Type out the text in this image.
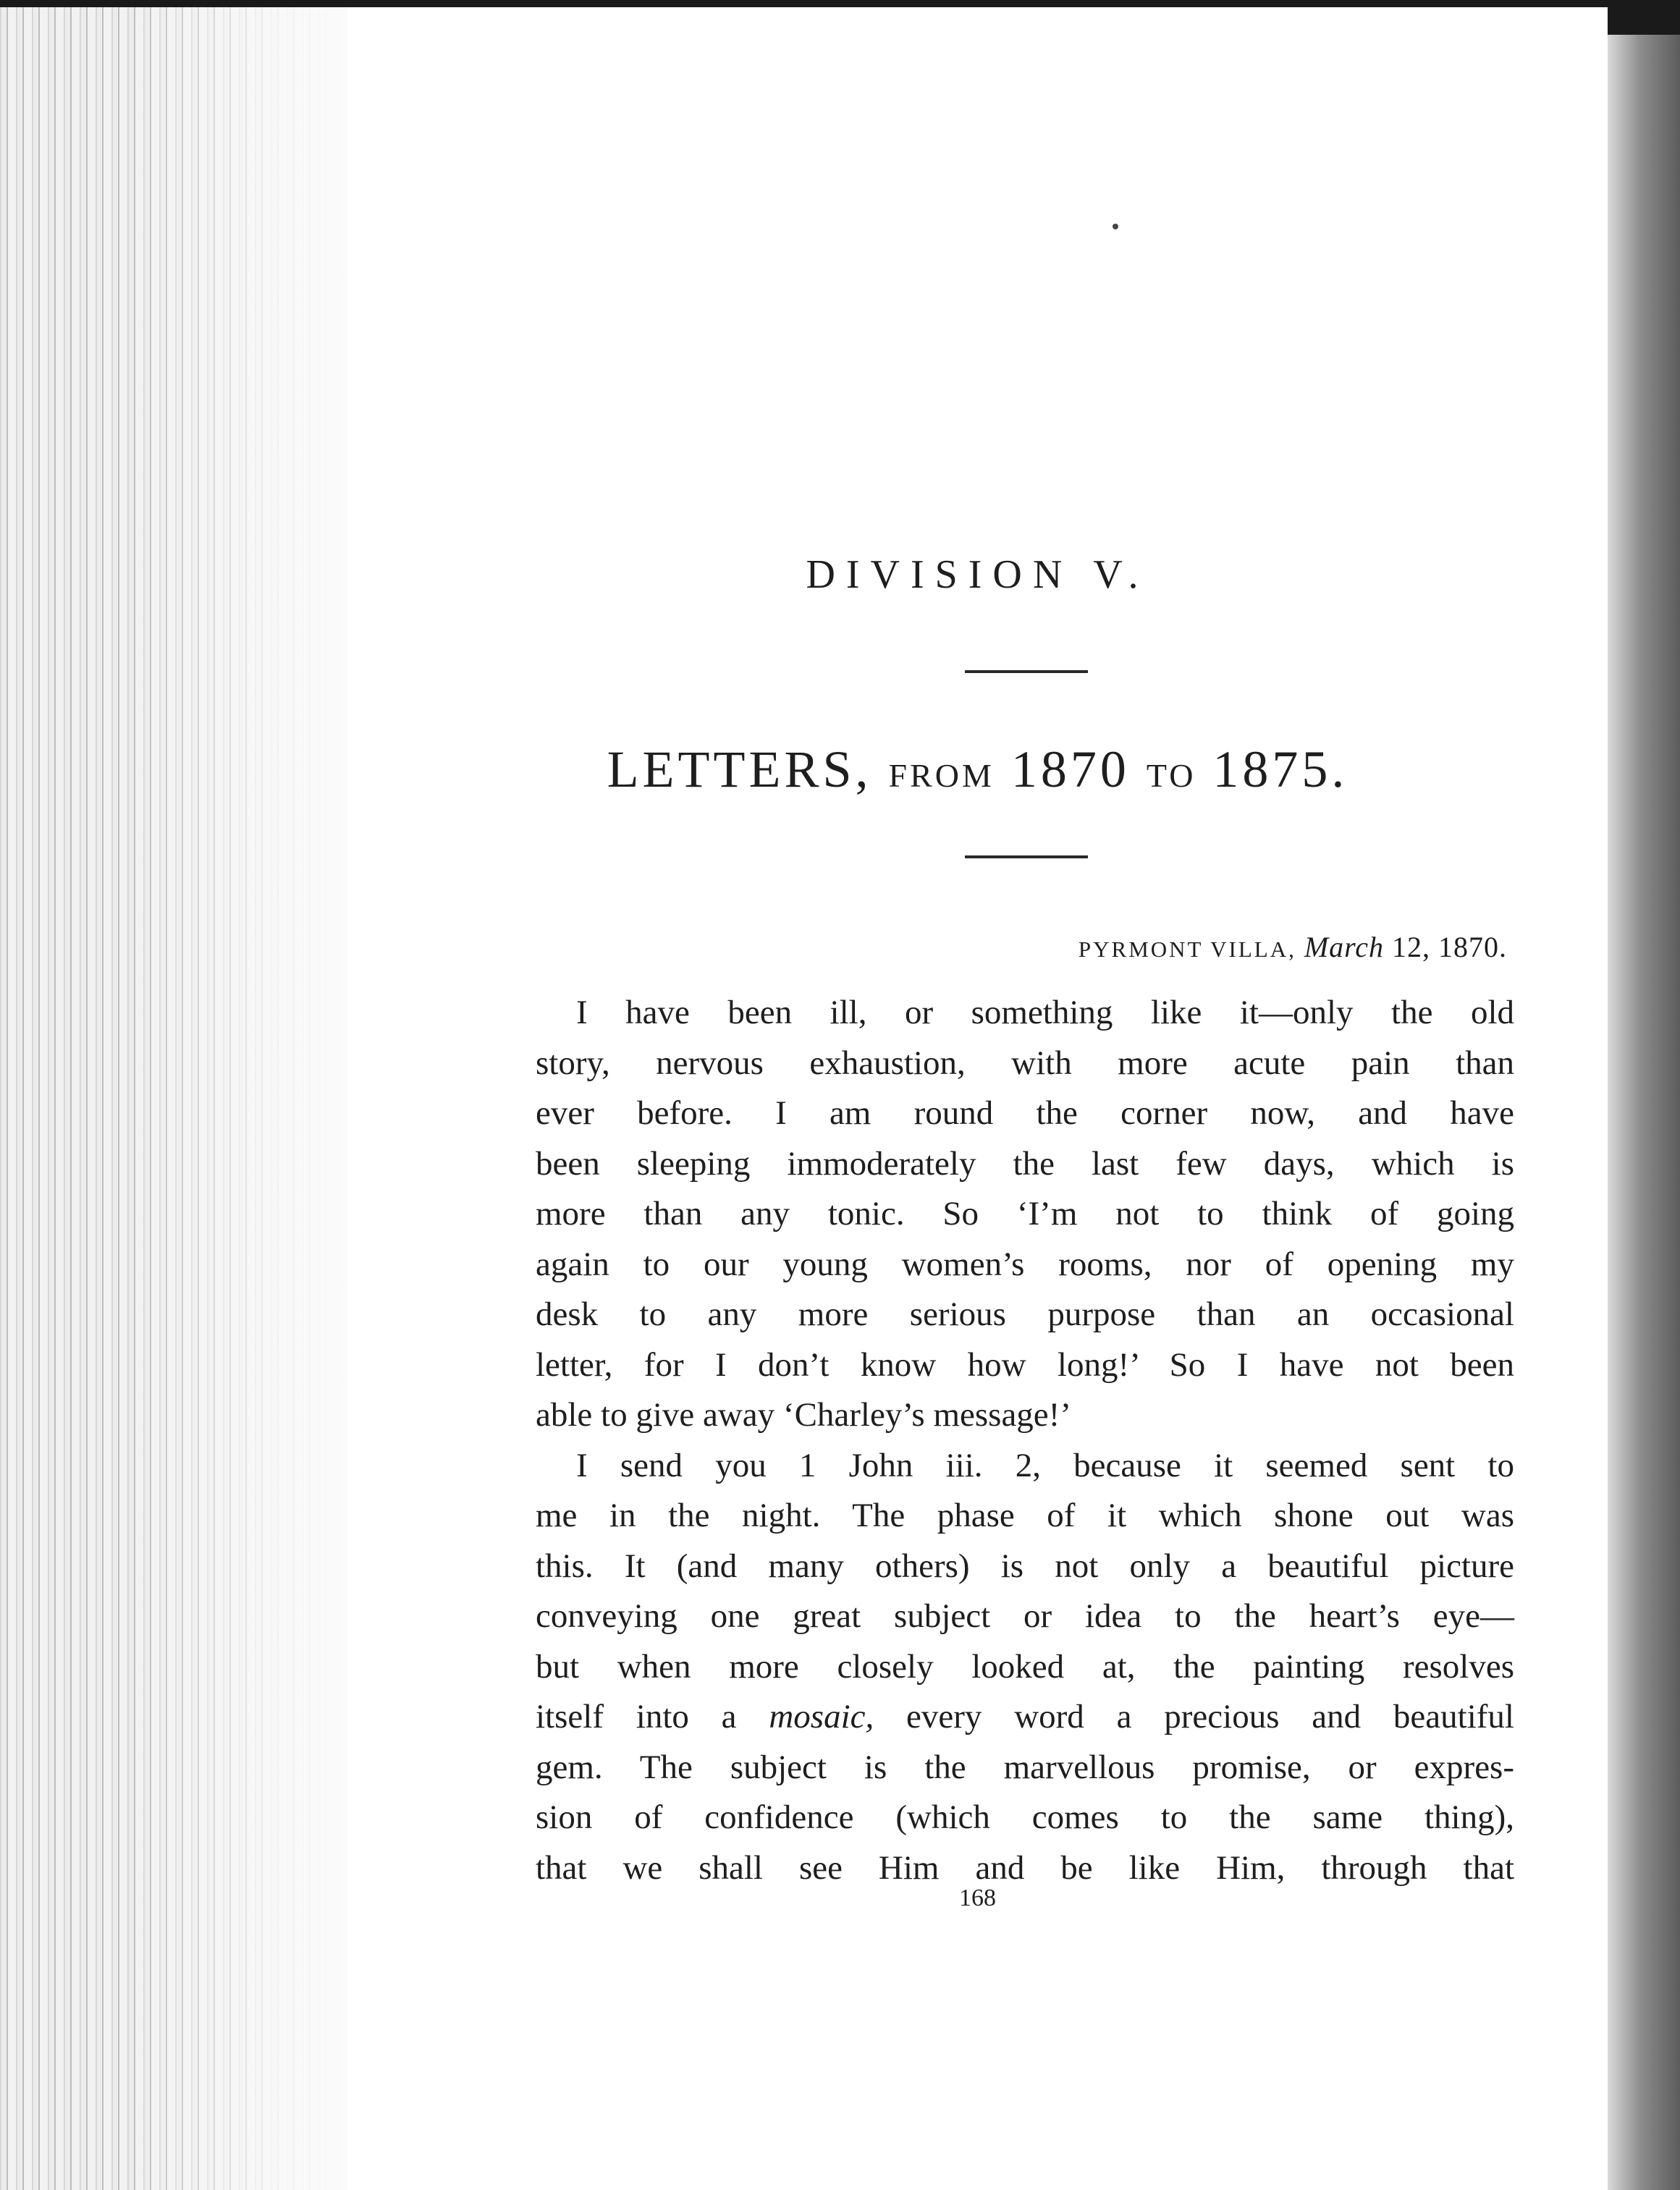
DIVISION V.
LETTERS, FROM 1870 TO 1875.
PYRMONT VILLA, March 12, 1870.
I have been ill, or something like it—only the old
story, nervous exhaustion, with more acute pain than
ever before. I am round the corner now, and have
been sleeping immoderately the last few days, which is
more than any tonic. So ‘I’m not to think of going
again to our young women’s rooms, nor of opening my
desk to any more serious purpose than an occasional
letter, for I don’t know how long!’ So I have not been
able to give away ‘Charley’s message!’
I send you 1 John iii. 2, because it seemed sent to
me in the night. The phase of it which shone out was
this. It (and many others) is not only a beautiful picture
conveying one great subject or idea to the heart’s eye—
but when more closely looked at, the painting resolves
itself into a mosaic, every word a precious and beautiful
gem. The subject is the marvellous promise, or expres-
sion of confidence (which comes to the same thing),
that we shall see Him and be like Him, through that
168
